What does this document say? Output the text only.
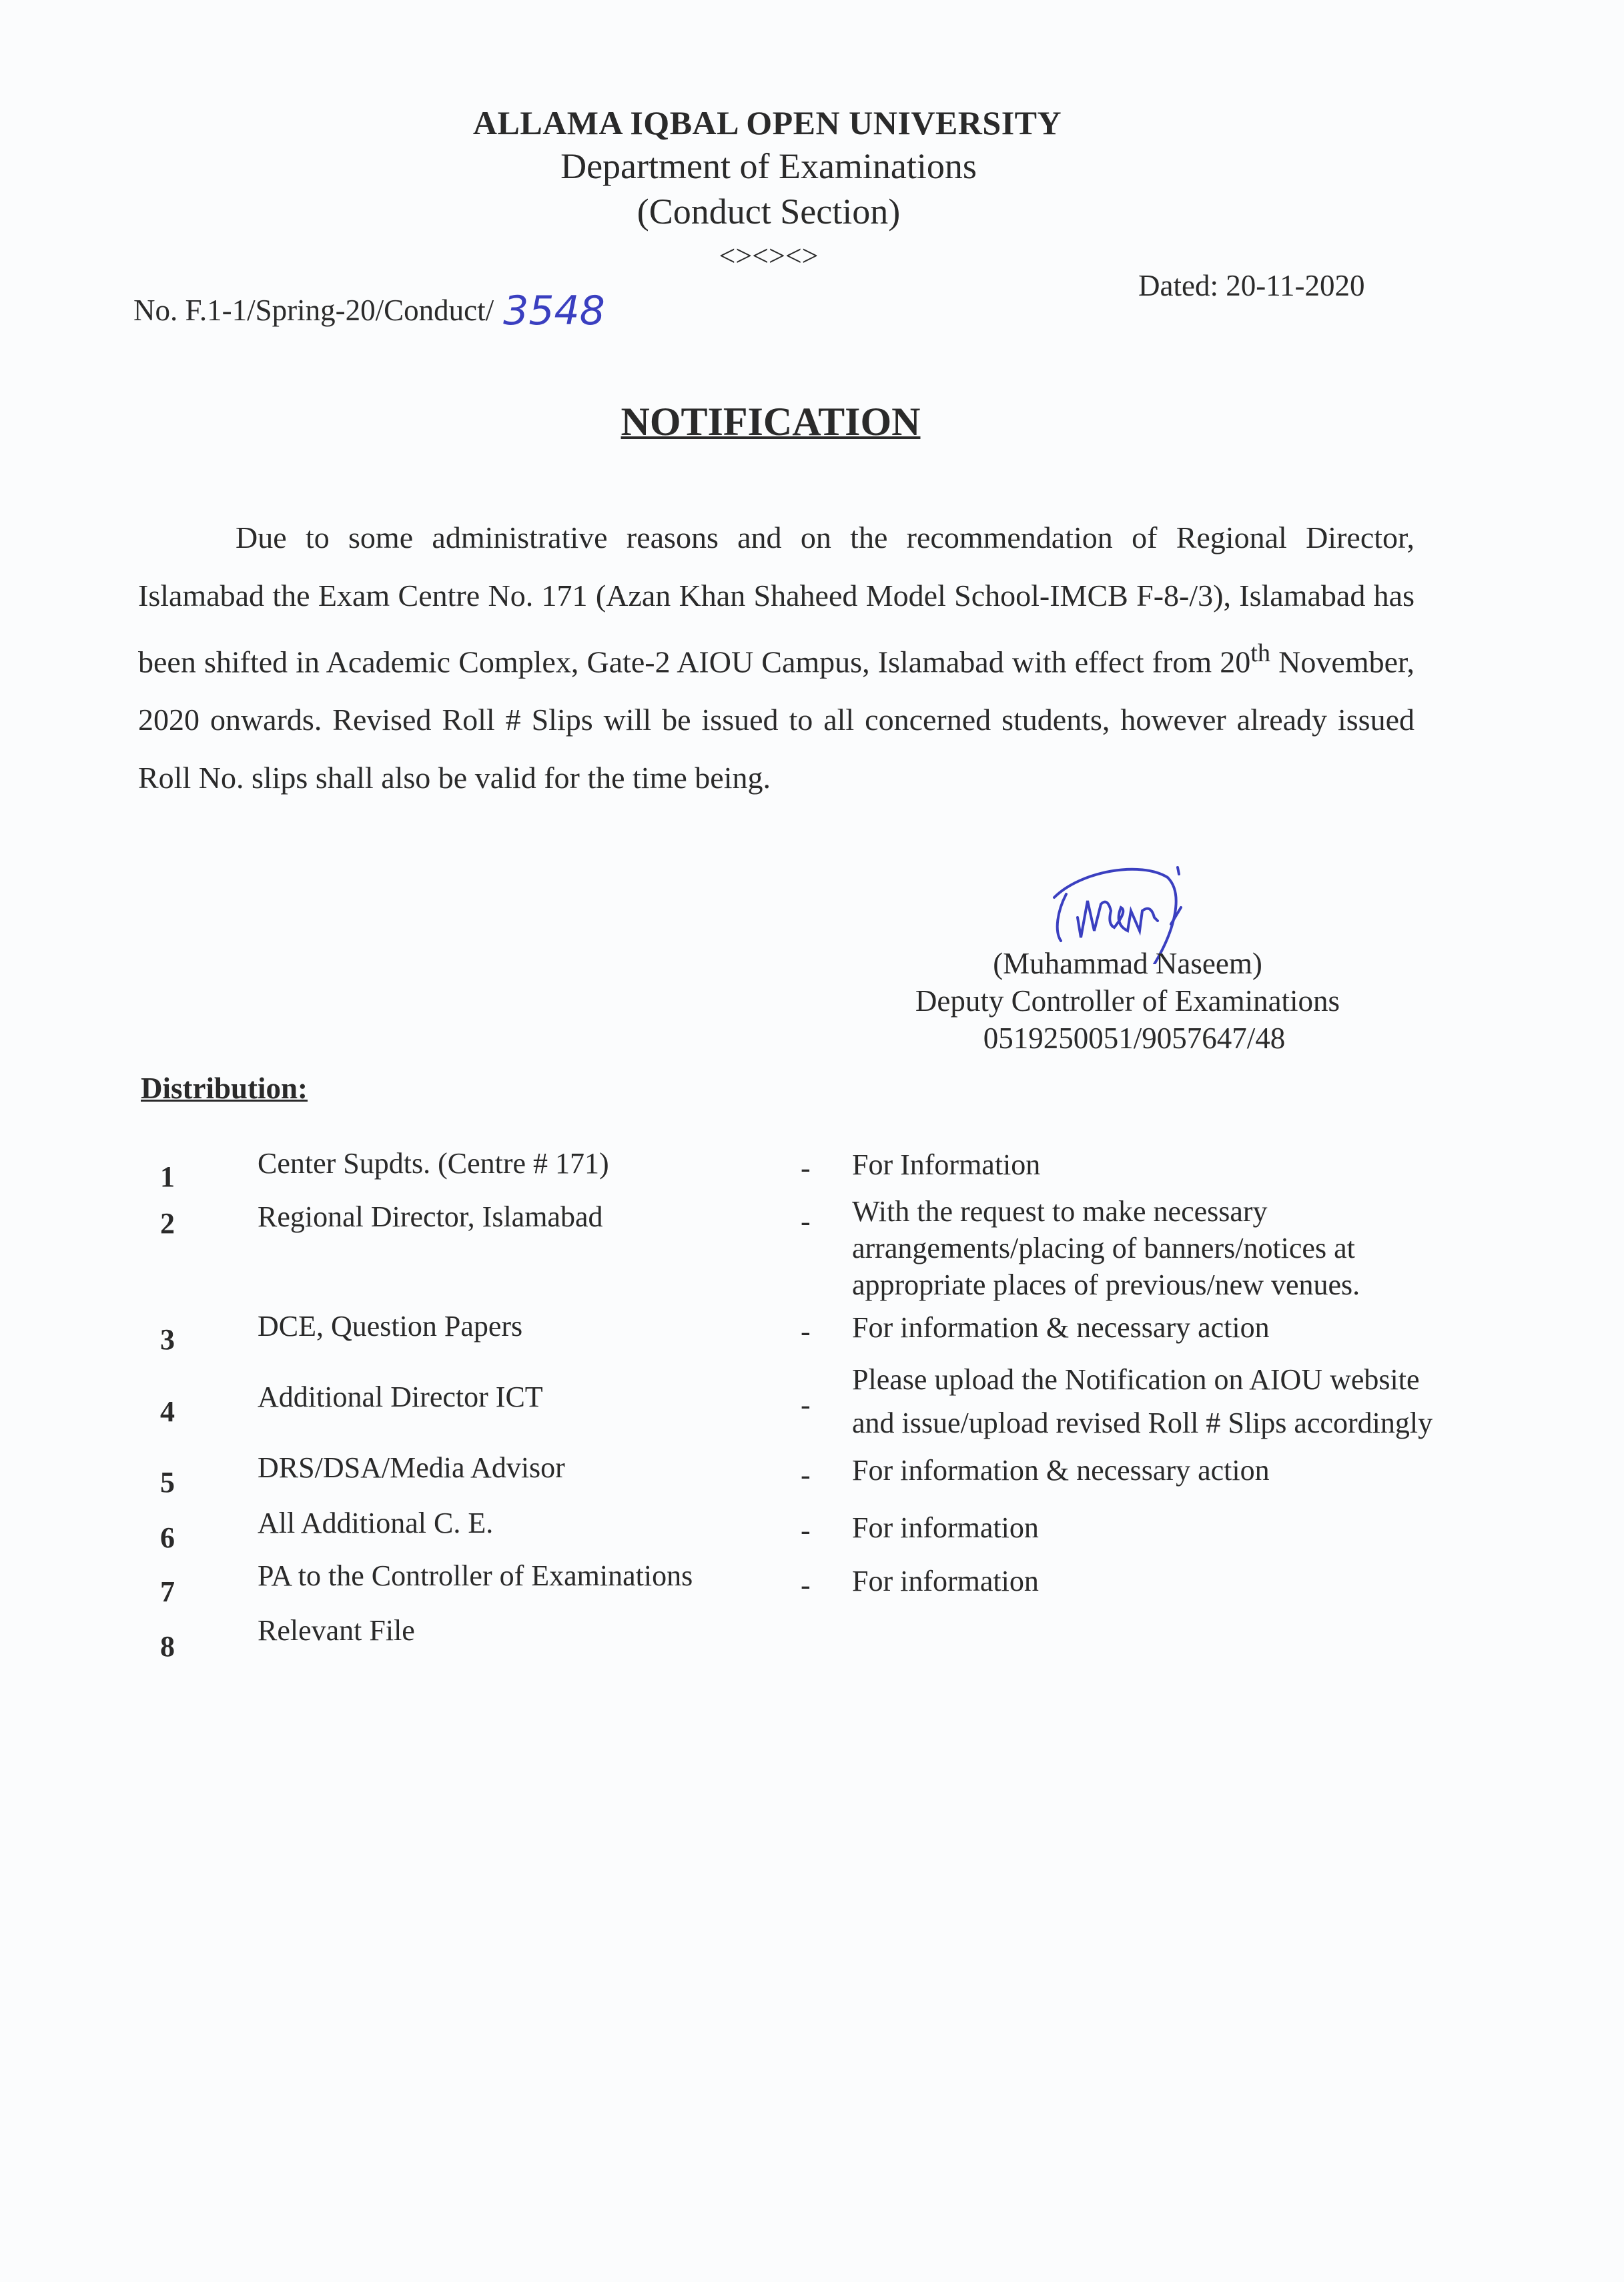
ALLAMA IQBAL OPEN UNIVERSITY
Department of Examinations
(Conduct Section)
<><><>
No. F.1-1/Spring-20/Conduct/ 3548
Dated: 20-11-2020
NOTIFICATION
Due to some administrative reasons and on the recommendation of Regional Director, Islamabad the Exam Centre No. 171 (Azan Khan Shaheed Model School-IMCB F-8-/3), Islamabad has been shifted in Academic Complex, Gate-2 AIOU Campus, Islamabad with effect from 20th November, 2020 onwards. Revised Roll # Slips will be issued to all concerned students, however already issued Roll No. slips shall also be valid for the time being.
(Muhammad Naseem)
Deputy Controller of Examinations
0519250051/9057647/48
Distribution:
1	Center Supdts. (Centre # 171)	- For Information
2	Regional Director, Islamabad	- With the request to make necessary
arrangements/placing of banners/notices at
appropriate places of previous/new venues.
3	DCE, Question Papers	- For information & necessary action
4	Additional Director ICT	-
Please upload the Notification on AIOU website
and issue/upload revised Roll # Slips accordingly
5	DRS/DSA/Media Advisor	- For information & necessary action
6	All Additional C. E.	- For information
7	PA to the Controller of Examinations	- For information
8	Relevant File
